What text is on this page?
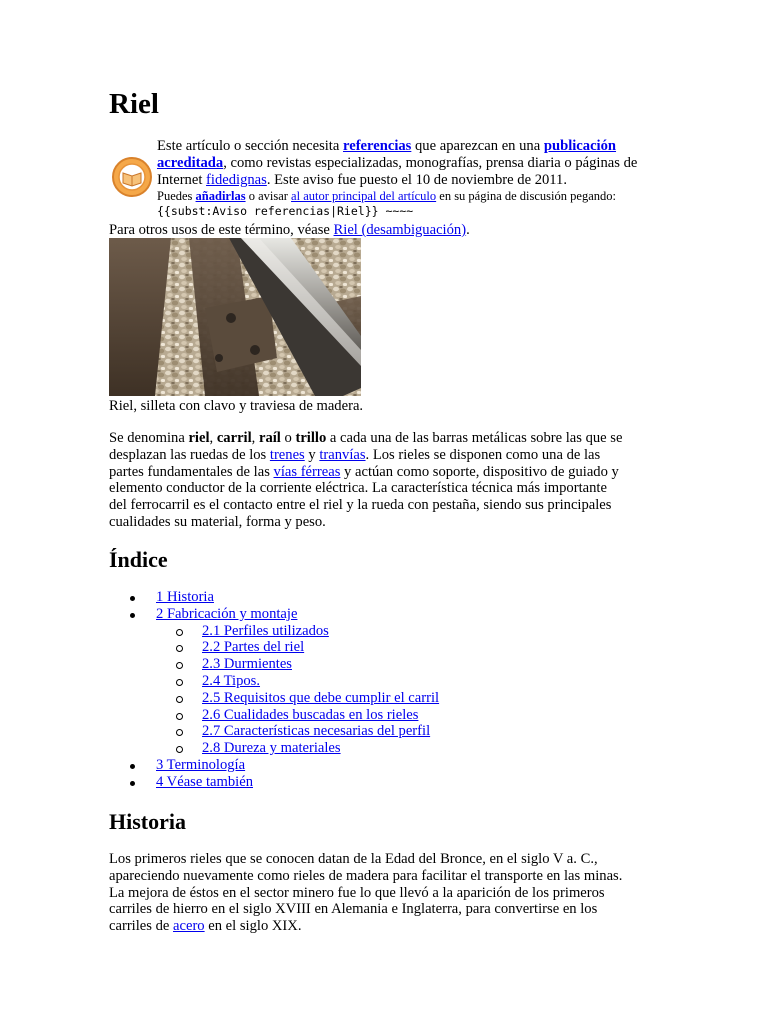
Riel
Este artículo o sección necesita referencias que aparezcan en una publicación acreditada, como revistas especializadas, monografías, prensa diaria o páginas de Internet fidedignas. Este aviso fue puesto el 10 de noviembre de 2011.
Puedes añadirlas o avisar al autor principal del artículo en su página de discusión pegando:
{{subst:Aviso referencias|Riel}} ~~~~
Para otros usos de este término, véase Riel (desambiguación).
Riel, silleta con clavo y traviesa de madera.
Se denomina riel, carril, raíl o trillo a cada una de las barras metálicas sobre las que se
desplazan las ruedas de los trenes y tranvías. Los rieles se disponen como una de las
partes fundamentales de las vías férreas y actúan como soporte, dispositivo de guiado y
elemento conductor de la corriente eléctrica. La característica técnica más importante
del ferrocarril es el contacto entre el riel y la rueda con pestaña, siendo sus principales
cualidades su material, forma y peso.
Índice
1 Historia
2 Fabricación y montaje
2.1 Perfiles utilizados
2.2 Partes del riel
2.3 Durmientes
2.4 Tipos.
2.5 Requisitos que debe cumplir el carril
2.6 Cualidades buscadas en los rieles
2.7 Características necesarias del perfil
2.8 Dureza y materiales
3 Terminología
4 Véase también
Historia
Los primeros rieles que se conocen datan de la Edad del Bronce, en el siglo V a. C.,
apareciendo nuevamente como rieles de madera para facilitar el transporte en las minas.
La mejora de éstos en el sector minero fue lo que llevó a la aparición de los primeros
carriles de hierro en el siglo XVIII en Alemania e Inglaterra, para convertirse en los
carriles de acero en el siglo XIX.
